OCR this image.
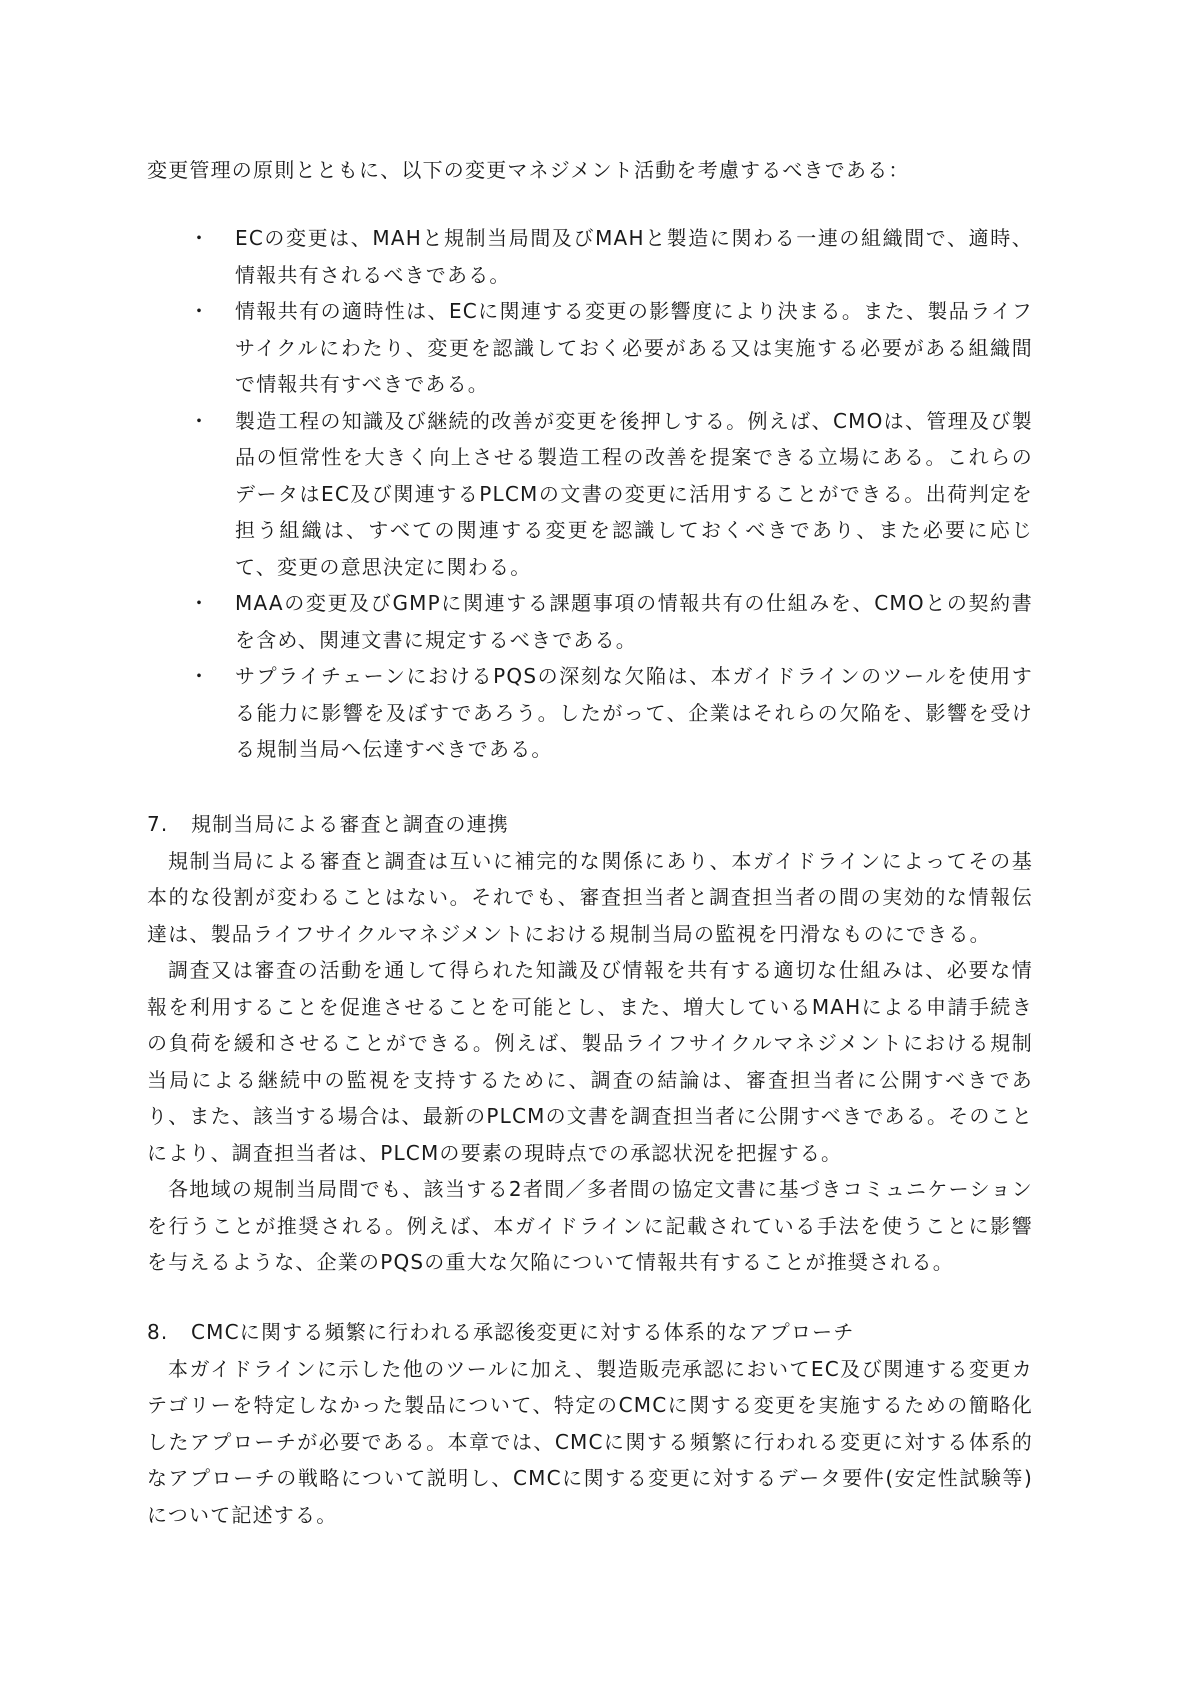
変更管理の原則とともに、以下の変更マネジメント活動を考慮するべきである：
・ ECの変更は、MAHと規制当局間及びMAHと製造に関わる一連の組織間で、適時、情報共有されるべきである。
・ 情報共有の適時性は、ECに関連する変更の影響度により決まる。また、製品ライフサイクルにわたり、変更を認識しておく必要がある又は実施する必要がある組織間で情報共有すべきである。
・ 製造工程の知識及び継続的改善が変更を後押しする。例えば、CMOは、管理及び製品の恒常性を大きく向上させる製造工程の改善を提案できる立場にある。これらのデータはEC及び関連するPLCMの文書の変更に活用することができる。出荷判定を担う組織は、すべての関連する変更を認識しておくべきであり、また必要に応じて、変更の意思決定に関わる。
・ MAAの変更及びGMPに関連する課題事項の情報共有の仕組みを、CMOとの契約書を含め、関連文書に規定するべきである。
・ サプライチェーンにおけるPQSの深刻な欠陥は、本ガイドラインのツールを使用する能力に影響を及ぼすであろう。したがって、企業はそれらの欠陥を、影響を受ける規制当局へ伝達すべきである。
7. 規制当局による審査と調査の連携

規制当局による審査と調査は互いに補完的な関係にあり、本ガイドラインによってその基本的な役割が変わることはない。それでも、審査担当者と調査担当者の間の実効的な情報伝達は、製品ライフサイクルマネジメントにおける規制当局の監視を円滑なものにできる。

調査又は審査の活動を通して得られた知識及び情報を共有する適切な仕組みは、必要な情報を利用することを促進させることを可能とし、また、増大しているMAHによる申請手続きの負荷を緩和させることができる。例えば、製品ライフサイクルマネジメントにおける規制当局による継続中の監視を支持するために、調査の結論は、審査担当者に公開すべきであり、また、該当する場合は、最新のPLCMの文書を調査担当者に公開すべきである。そのことにより、調査担当者は、PLCMの要素の現時点での承認状況を把握する。

各地域の規制当局間でも、該当する2者間／多者間の協定文書に基づきコミュニケーションを行うことが推奨される。例えば、本ガイドラインに記載されている手法を使うことに影響を与えるような、企業のPQSの重大な欠陥について情報共有することが推奨される。

8. CMCに関する頻繁に行われる承認後変更に対する体系的なアプローチ

本ガイドラインに示した他のツールに加え、製造販売承認においてEC及び関連する変更カテゴリーを特定しなかった製品について、特定のCMCに関する変更を実施するための簡略化したアプローチが必要である。本章では、CMCに関する頻繁に行われる変更に対する体系的なアプローチの戦略について説明し、CMCに関する変更に対するデータ要件(安定性試験等)について記述する。
